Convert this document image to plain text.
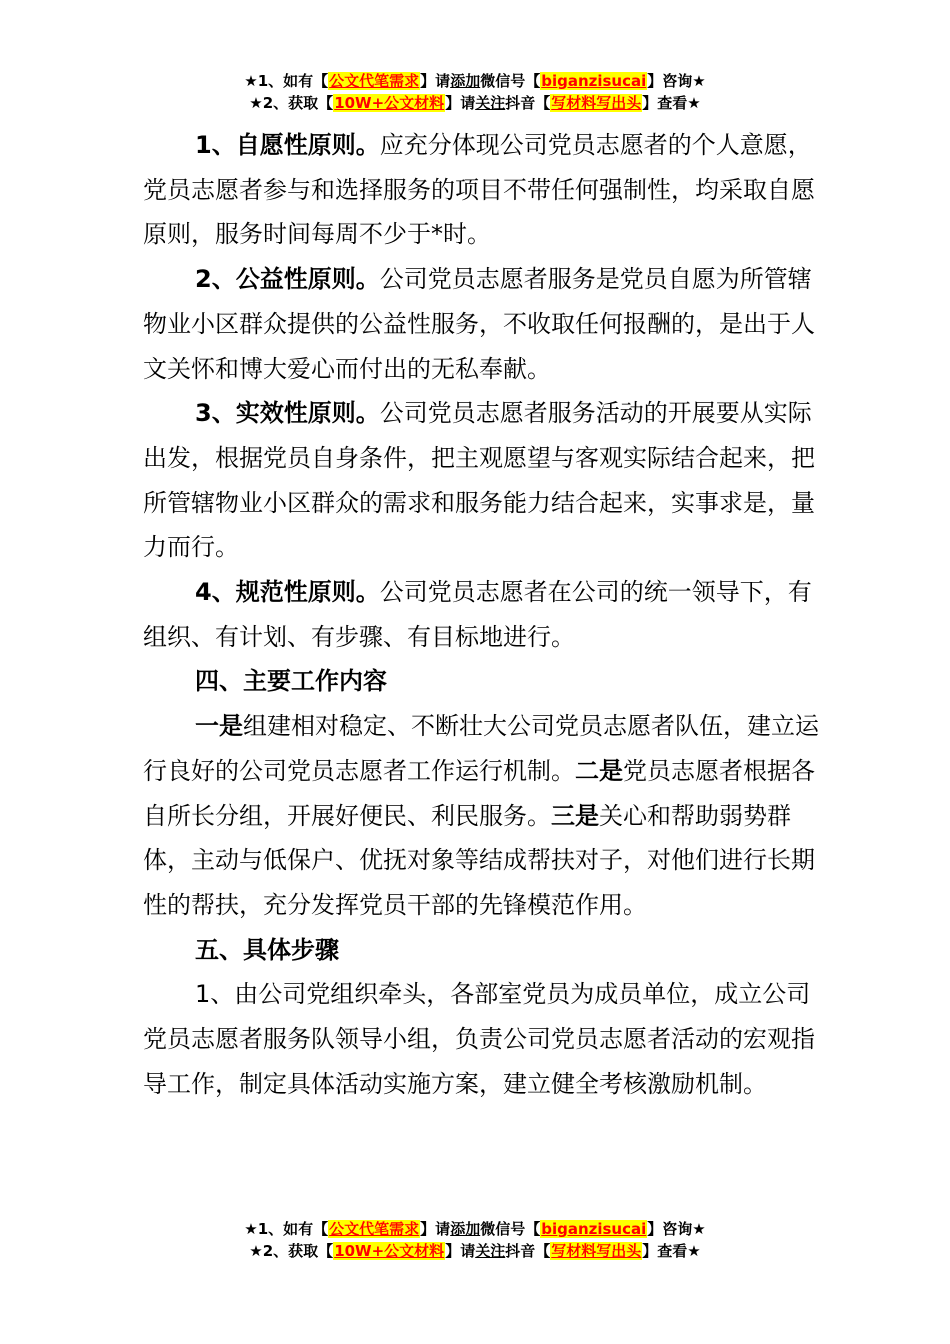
★1、如有【公文代笔需求】请添加微信号【biganzisucai】咨询★
★2、获取【10W+公文材料】请关注抖音【写材料写出头】查看★

1、自愿性原则。应充分体现公司党员志愿者的个人意愿，党员志愿者参与和选择服务的项目不带任何强制性，均采取自愿原则，服务时间每周不少于*时。

2、公益性原则。公司党员志愿者服务是党员自愿为所管辖物业小区群众提供的公益性服务，不收取任何报酬的，是出于人文关怀和博大爱心而付出的无私奉献。

3、实效性原则。公司党员志愿者服务活动的开展要从实际出发，根据党员自身条件，把主观愿望与客观实际结合起来，把所管辖物业小区群众的需求和服务能力结合起来，实事求是，量力而行。

4、规范性原则。公司党员志愿者在公司的统一领导下，有组织、有计划、有步骤、有目标地进行。

四、主要工作内容

一是组建相对稳定、不断壮大公司党员志愿者队伍，建立运行良好的公司党员志愿者工作运行机制。二是党员志愿者根据各自所长分组，开展好便民、利民服务。三是关心和帮助弱势群体，主动与低保户、优抚对象等结成帮扶对子，对他们进行长期性的帮扶，充分发挥党员干部的先锋模范作用。

五、具体步骤

1、由公司党组织牵头，各部室党员为成员单位，成立公司党员志愿者服务队领导小组，负责公司党员志愿者活动的宏观指导工作，制定具体活动实施方案，建立健全考核激励机制。

★1、如有【公文代笔需求】请添加微信号【biganzisucai】咨询★
★2、获取【10W+公文材料】请关注抖音【写材料写出头】查看★
